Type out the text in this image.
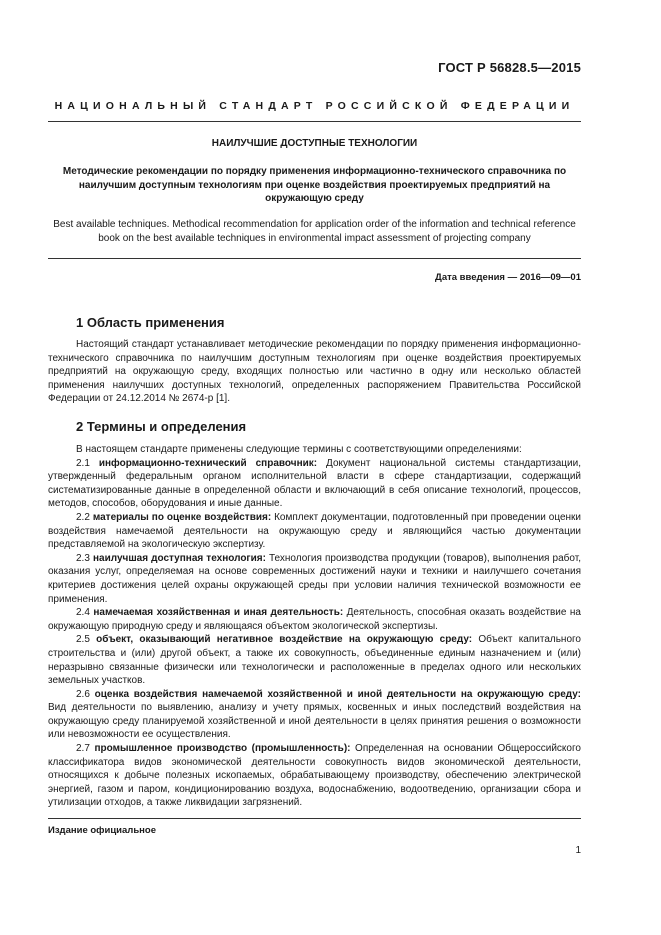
ГОСТ Р 56828.5—2015
НАЦИОНАЛЬНЫЙ СТАНДАРТ РОССИЙСКОЙ ФЕДЕРАЦИИ
НАИЛУЧШИЕ ДОСТУПНЫЕ ТЕХНОЛОГИИ
Методические рекомендации по порядку применения информационно-технического справочника по наилучшим доступным технологиям при оценке воздействия проектируемых предприятий на окружающую среду
Best available techniques. Methodical recommendation for application order of the information and technical reference book on the best available techniques in environmental impact assessment of projecting company
Дата введения — 2016—09—01
1 Область применения

Настоящий стандарт устанавливает методические рекомендации по порядку применения информационно-технического справочника по наилучшим доступным технологиям при оценке воздействия проектируемых предприятий на окружающую среду, входящих полностью или частично в одну или несколько областей применения наилучших доступных технологий, определенных распоряжением Правительства Российской Федерации от 24.12.2014 № 2674-р [1].

2 Термины и определения

В настоящем стандарте применены следующие термины с соответствующими определениями:

2.1 информационно-технический справочник: Документ национальной системы стандартизации, утвержденный федеральным органом исполнительной власти в сфере стандартизации, содержащий систематизированные данные в определенной области и включающий в себя описание технологий, процессов, методов, способов, оборудования и иные данные.

2.2 материалы по оценке воздействия: Комплект документации, подготовленный при проведении оценки воздействия намечаемой деятельности на окружающую среду и являющийся частью документации представляемой на экологическую экспертизу.

2.3 наилучшая доступная технология: Технология производства продукции (товаров), выполнения работ, оказания услуг, определяемая на основе современных достижений науки и техники и наилучшего сочетания критериев достижения целей охраны окружающей среды при условии наличия технической возможности ее применения.

2.4 намечаемая хозяйственная и иная деятельность: Деятельность, способная оказать воздействие на окружающую природную среду и являющаяся объектом экологической экспертизы.

2.5 объект, оказывающий негативное воздействие на окружающую среду: Объект капитального строительства и (или) другой объект, а также их совокупность, объединенные единым назначением и (или) неразрывно связанные физически или технологически и расположенные в пределах одного или нескольких земельных участков.

2.6 оценка воздействия намечаемой хозяйственной и иной деятельности на окружающую среду: Вид деятельности по выявлению, анализу и учету прямых, косвенных и иных последствий воздействия на окружающую среду планируемой хозяйственной и иной деятельности в целях принятия решения о возможности или невозможности ее осуществления.

2.7 промышленное производство (промышленность): Определенная на основании Общероссийского классификатора видов экономической деятельности совокупность видов экономической деятельности, относящихся к добыче полезных ископаемых, обрабатывающему производству, обеспечению электрической энергией, газом и паром, кондиционированию воздуха, водоснабжению, водоотведению, организации сбора и утилизации отходов, а также ликвидации загрязнений.

Издание официальное
1
